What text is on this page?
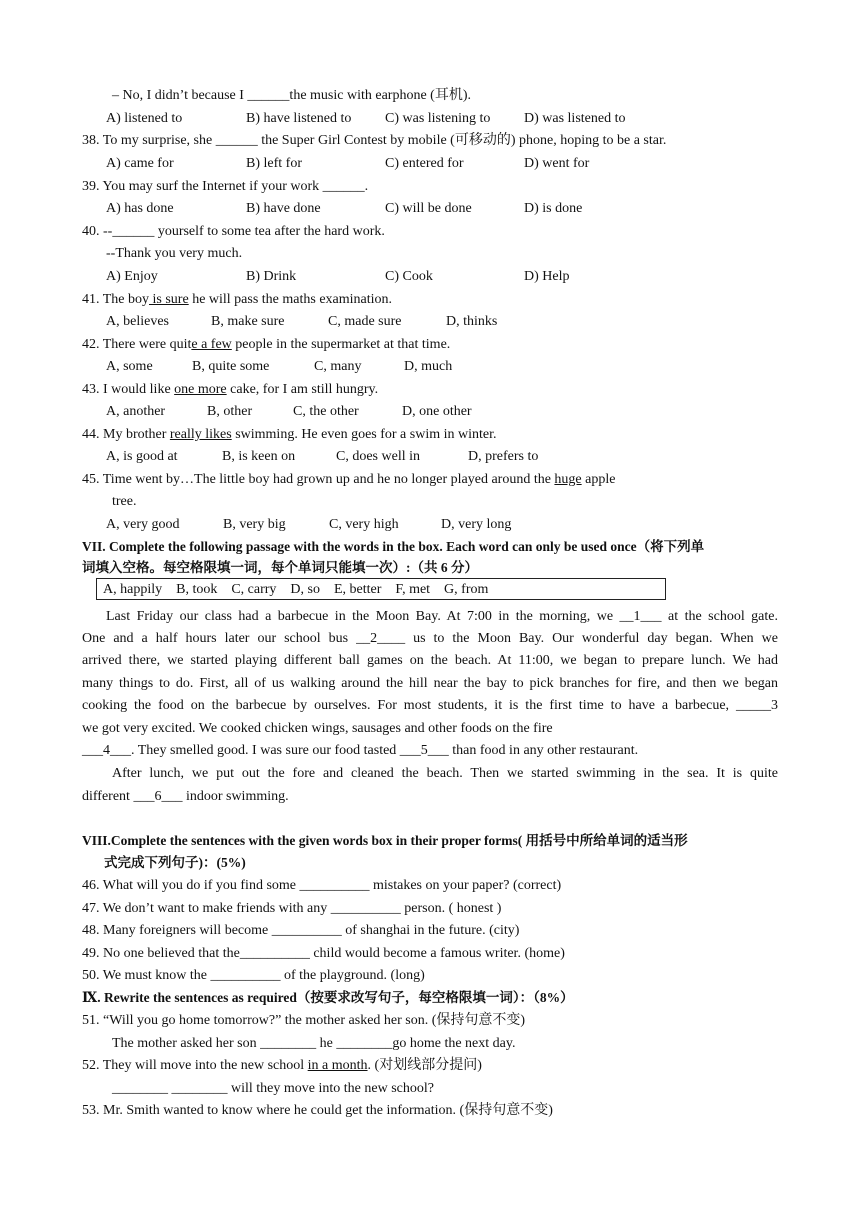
– No, I didn’t because I ______the music with earphone (耳机).
A) listened to	B) have listened to C) was listening to D) was listened to
38. To my surprise, she ______ the Super Girl Contest by mobile (可移动的) phone, hoping to be a star.
A) came for	B) left for	C) entered for	D) went for
39. You may surf the Internet if your work ______.
A) has done	B) have done	C) will be done	D) is done
40. --______ yourself to some tea after the hard work.
--Thank you very much.
A) Enjoy	B) Drink	C) Cook	D) Help
41. The boy is sure he will pass the maths examination.
A, believes	B, make sure	C, made sure	D, thinks
42. There were quite a few people in the supermarket at that time.
A, some	B, quite some	C, many	D, much
43. I would like one more cake, for I am still hungry.
A, another	B, other	C, the other	D, one other
44. My brother really likes swimming. He even goes for a swim in winter.
A, is good at	B, is keen on	C, does well in	D, prefers to
45. Time went by…The little boy had grown up and he no longer played around the huge apple
tree.
A, very good	B, very big	C, very high	D, very long
VII. Complete the following passage with the words in the box. Each word can only be used once（将下列单
词填入空格。每空格限填一词，每个单词只能填一次）:（共 6 分）
A, happily    B, took    C, carry    D, so    E, better    F, met    G, from
Last Friday our class had a barbecue in the Moon Bay. At 7:00 in the morning, we __1___ at the school gate.
One and a half hours later our school bus __2____ us to the Moon Bay. Our wonderful day began. When we
arrived there, we started playing different ball games on the beach. At 11:00, we began to prepare lunch. We had
many things to do. First, all of us walking around the hill near the bay to pick branches for fire, and then we began
cooking the food on the barbecue by ourselves. For most students, it is the first time to have a barbecue, _____3
we got very excited. We cooked chicken wings, sausages and other foods on the fire
___4___. They smelled good. I was sure our food tasted ___5___ than food in any other restaurant.
After lunch, we put out the fore and cleaned the beach. Then we started swimming in the sea. It is quite
different ___6___ indoor swimming.
VIII.Complete the sentences with the given words box in their proper forms( 用括号中所给单词的适当形
式完成下列句子)：(5%)
46. What will you do if you find some __________ mistakes on your paper? (correct)
47. We don’t want to make friends with any __________ person. ( honest )
48. Many foreigners will become __________ of shanghai in the future. (city)
49. No one believed that the__________ child would become a famous writer. (home)
50. We must know the __________ of the playground. (long)
Ⅸ. Rewrite the sentences as required（按要求改写句子，每空格限填一词）：（8%）
51. “Will you go home tomorrow?” the mother asked her son. (保持句意不变)
The mother asked her son ________ he ________go home the next day.
52. They will move into the new school in a month. (对划线部分提问)
________ ________ will they move into the new school?
53. Mr. Smith wanted to know where he could get the information. (保持句意不变)
